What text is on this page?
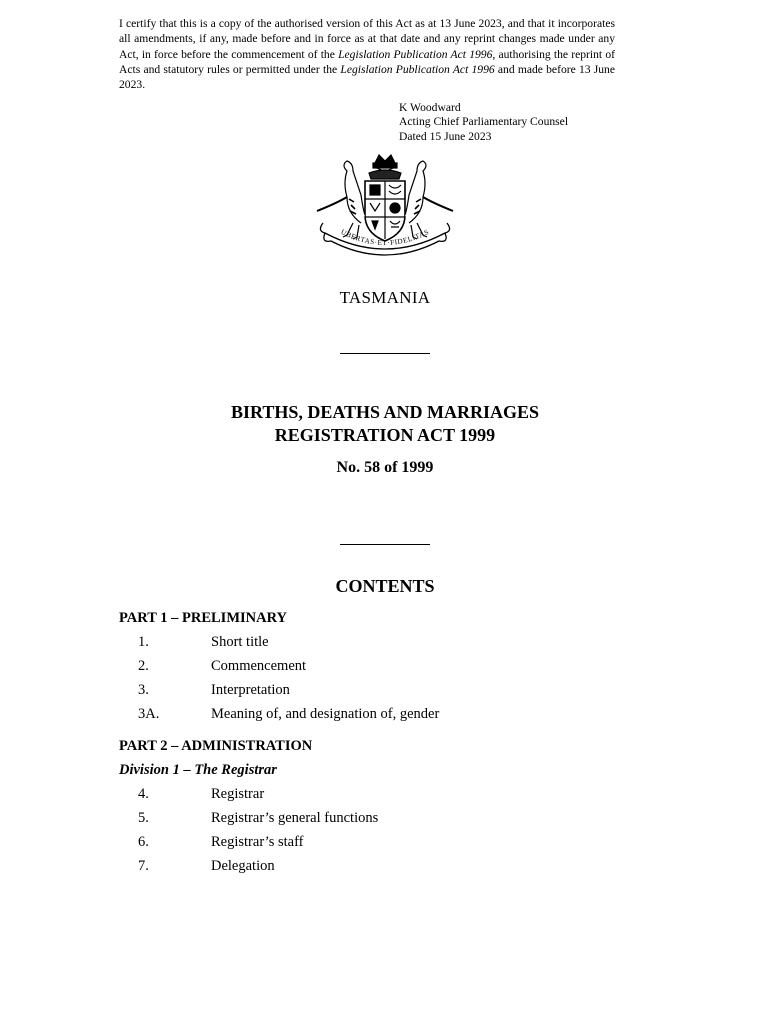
I certify that this is a copy of the authorised version of this Act as at 13 June 2023, and that it incorporates all amendments, if any, made before and in force as at that date and any reprint changes made under any Act, in force before the commencement of the Legislation Publication Act 1996, authorising the reprint of Acts and statutory rules or permitted under the Legislation Publication Act 1996 and made before 13 June 2023.
K Woodward
Acting Chief Parliamentary Counsel
Dated 15 June 2023
UBERTAS·ET·FIDELITAS
TASMANIA
BIRTHS, DEATHS AND MARRIAGES
REGISTRATION ACT 1999
No. 58 of 1999
CONTENTS
PART 1 – PRELIMINARY
1.	Short title
2.	Commencement
3.	Interpretation
3A.	Meaning of, and designation of, gender
PART 2 – ADMINISTRATION
Division 1 – The Registrar
4.	Registrar
5.	Registrar’s general functions
6.	Registrar’s staff
7.	Delegation
